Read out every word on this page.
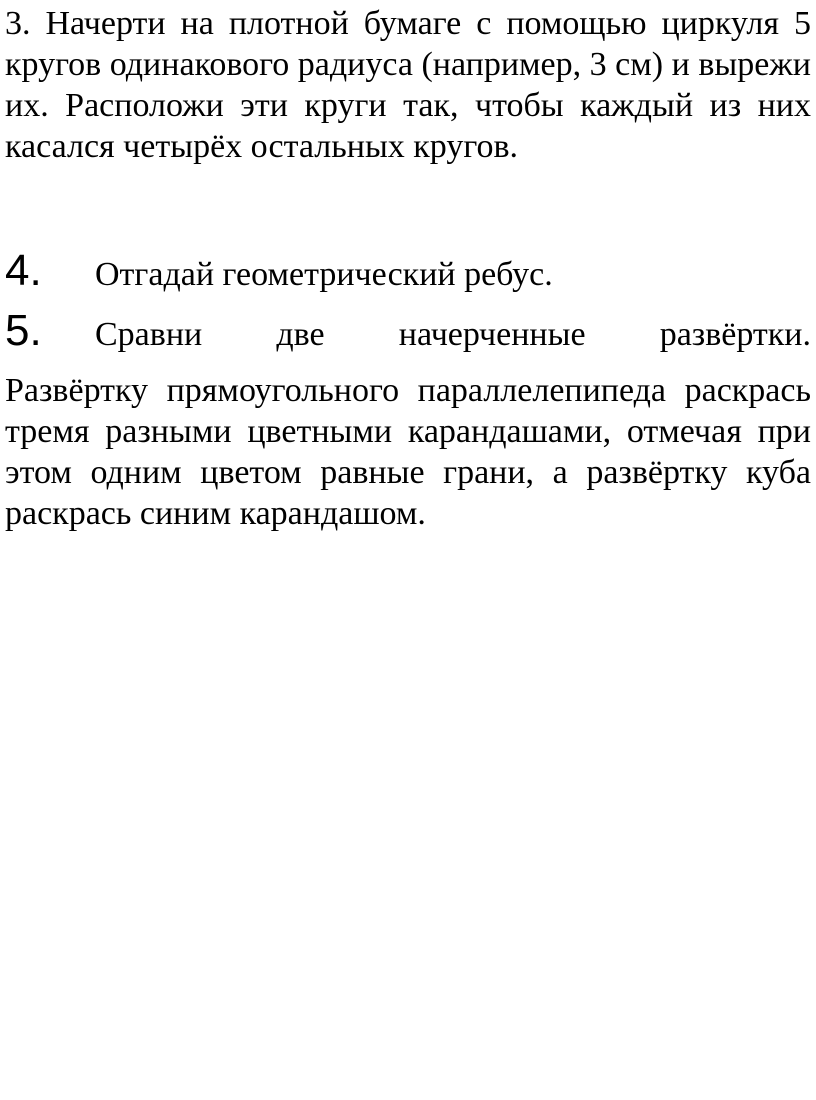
3. Начерти на плотной бумаге с помощью циркуля 5 кругов одинакового радиуса (например, 3 см) и вырежи их. Расположи эти круги так, чтобы каждый из них касался четырёх остальных кругов.

4.	Отгадай геометрический ребус.
5.	Сравни две начерченные развёртки.

Развёртку прямоугольного параллелепипеда раскрась тремя разными цветными карандашами, отмечая при этом одним цветом равные грани, а развёртку куба раскрась синим карандашом.
